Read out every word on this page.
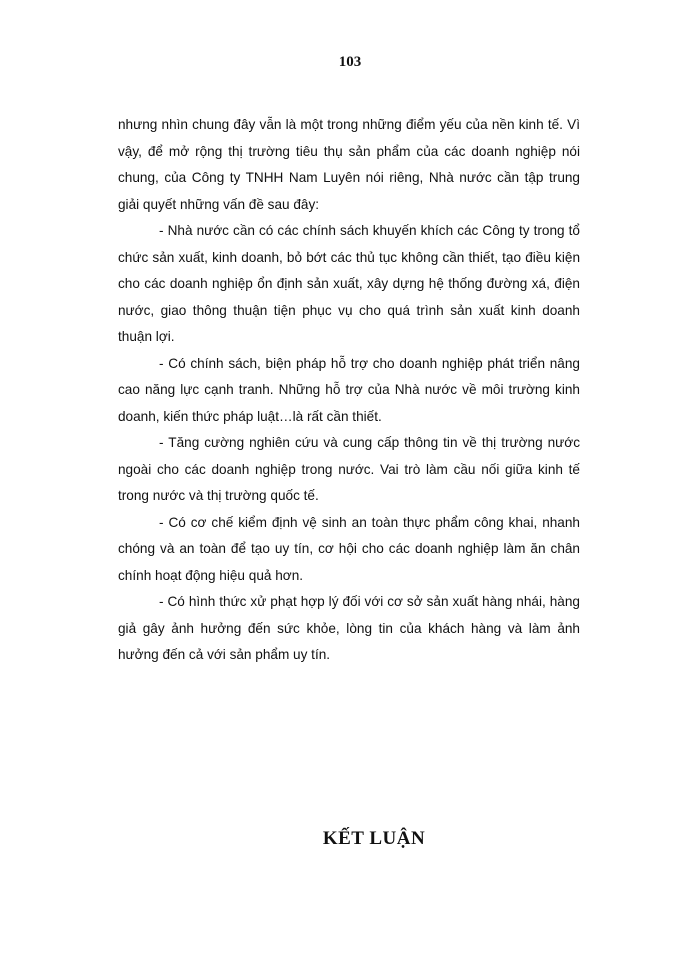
103

nhưng nhìn chung đây vẫn là một trong những điểm yếu của nền kinh tế. Vì vậy, để mở rộng thị trường tiêu thụ sản phẩm của các doanh nghiệp nói chung, của Công ty TNHH Nam Luyên nói riêng, Nhà nước cần tập trung giải quyết những vấn đề sau đây:

- Nhà nước cần có các chính sách khuyến khích các Công ty trong tổ chức sản xuất, kinh doanh, bỏ bớt các thủ tục không cần thiết, tạo điều kiện cho các doanh nghiệp ổn định sản xuất, xây dựng hệ thống đường xá, điện nước, giao thông thuận tiện phục vụ cho quá trình sản xuất kinh doanh thuận lợi.

- Có chính sách, biện pháp hỗ trợ cho doanh nghiệp phát triển nâng cao năng lực cạnh tranh. Những hỗ trợ của Nhà nước về môi trường kinh doanh, kiến thức pháp luật…là rất cần thiết.

- Tăng cường nghiên cứu và cung cấp thông tin về thị trường nước ngoài cho các doanh nghiệp trong nước. Vai trò làm cầu nối giữa kinh tế trong nước và thị trường quốc tế.

- Có cơ chế kiểm định vệ sinh an toàn thực phẩm công khai, nhanh chóng và an toàn để tạo uy tín, cơ hội cho các doanh nghiệp làm ăn chân chính hoạt động hiệu quả hơn.

- Có hình thức xử phạt hợp lý đối với cơ sở sản xuất hàng nhái, hàng giả gây ảnh hưởng đến sức khỏe, lòng tin của khách hàng và làm ảnh hưởng đến cả với sản phẩm uy tín.

KẾT LUẬN
